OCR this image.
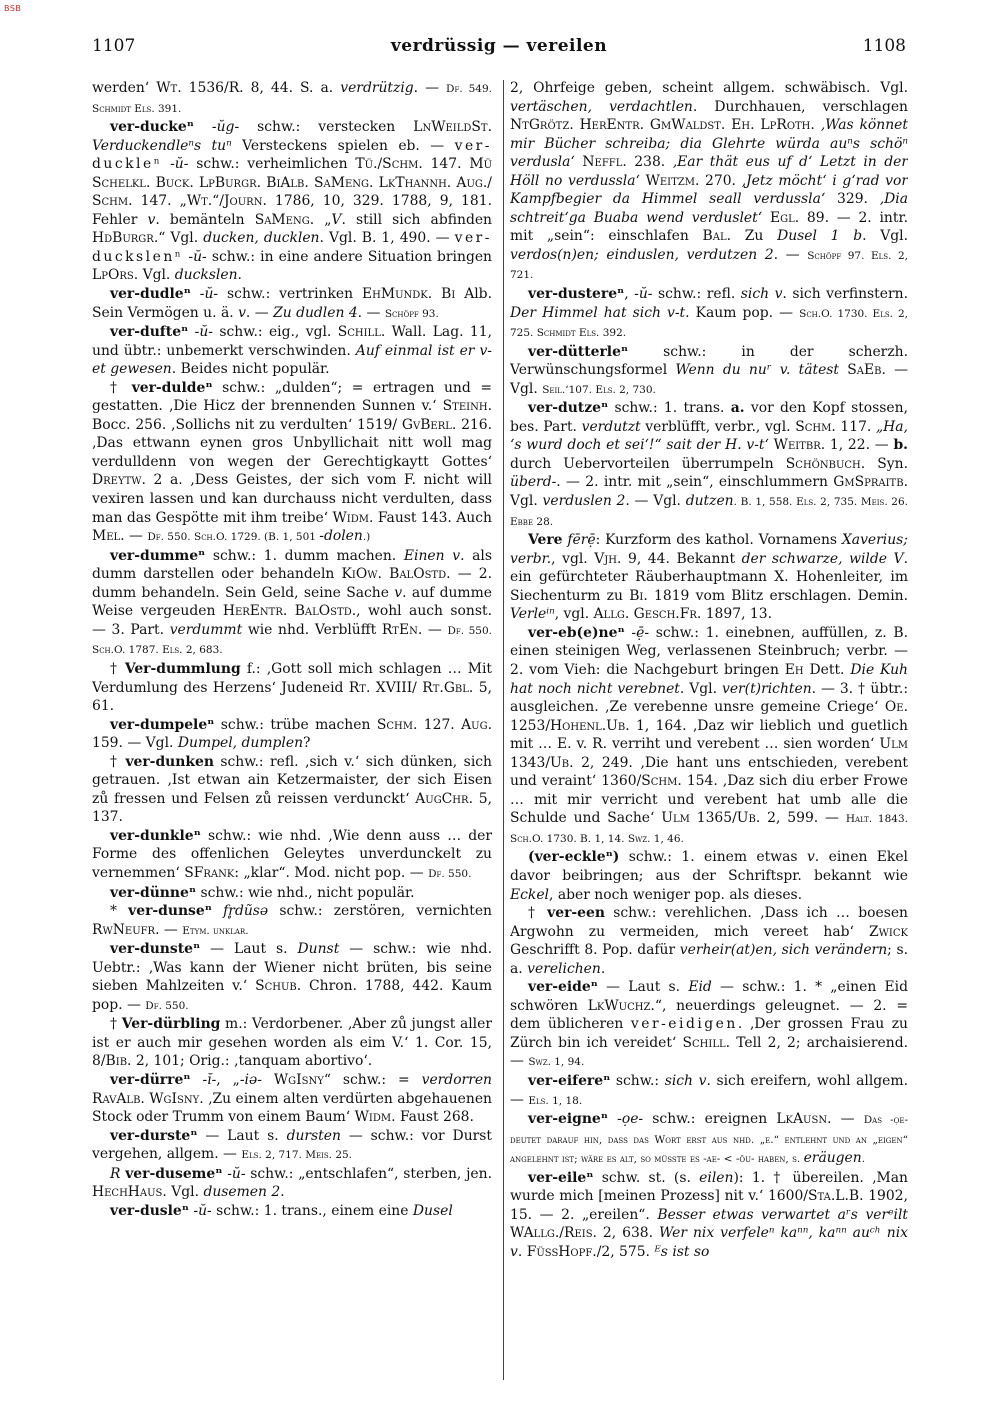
BSB
1107	verdrüssig — vereilen	1108

werden‘ Wt. 1536/R. 8, 44. S. a. verdrützig. — Df. 549. Schmidt Els. 391.

ver-duckeⁿ -ŭg- schw.: verstecken LnWeildSt. Verduckendleⁿs tuⁿ Versteckens spielen eb. — ver-duckleⁿ -ŭ- schw.: verheimlichen Tü./Schm. 147. Mü Schelkl. Buck. LpBurgr. BiAlb. SaMeng. LkThannh. Aug./ Schm. 147. „Wt.“/Journ. 1786, 10, 329. 1788, 9, 181. Fehler v. bemänteln SaMeng. „V. still sich abfinden HdBurgr.“ Vgl. ducken, ducklen. Vgl. B. 1, 490. — ver-duckslenⁿ -ŭ- schw.: in eine andere Situation bringen LpOrs. Vgl. duckslen.

ver-dudleⁿ -ŭ- schw.: vertrinken EhMundk. Bi Alb. Sein Vermögen u. ä. v. — Zu dudlen 4. — Schöpf 93.

ver-dufteⁿ -ŭ- schw.: eig., vgl. Schill. Wall. Lag. 11, und übtr.: unbemerkt verschwinden. Auf einmal ist er v-et gewesen. Beides nicht populär.

† ver-duldeⁿ schw.: „dulden“; = ertragen und = gestatten. ‚Die Hicz der brennenden Sunnen v.‘ Steinh. Bocc. 256. ‚Sollichs nit zu verdulten‘ 1519/ GvBerl. 216. ‚Das ettwann eynen gros Unbyllichait nitt woll mag verdulldenn von wegen der Gerechtigkaytt Gottes‘ Dreytw. 2 a. ‚Dess Geistes, der sich vom F. nicht will vexiren lassen und kan durchauss nicht verdulten, dass man das Gespötte mit ihm treibe‘ Widm. Faust 143. Auch Mel. — Df. 550. Sch.O. 1729. (B. 1, 501 -dolen.)

ver-dummeⁿ schw.: 1. dumm machen. Einen v. als dumm darstellen oder behandeln KiOw. BalOstd. — 2. dumm behandeln. Sein Geld, seine Sache v. auf dumme Weise vergeuden HerEntr. BalOstd., wohl auch sonst. — 3. Part. verdummt wie nhd. Verblüfft RtEn. — Df. 550. Sch.O. 1787. Els. 2, 683.

† Ver-dummlung f.: ‚Gott soll mich schlagen … Mit Verdumlung des Herzens‘ Judeneid Rt. XVIII/ Rt.Gbl. 5, 61.

ver-dumpeleⁿ schw.: trübe machen Schm. 127. Aug. 159. — Vgl. Dumpel, dumplen?

† ver-dunken schw.: refl. ‚sich v.‘ sich dünken, sich getrauen. ‚Ist etwan ain Ketzermaister, der sich Eisen zů fressen und Felsen zů reissen verdunckt‘ AugChr. 5, 137.

ver-dunkleⁿ schw.: wie nhd. ‚Wie denn auss … der Forme des offenlichen Geleytes unverdunckelt zu vernemmen‘ SFrank: „klar“. Mod. nicht pop. — Df. 550.

ver-dünneⁿ schw.: wie nhd., nicht populär.

* ver-dunseⁿ fr̥dũsə schw.: zerstören, vernichten RwNeufr. — Etym. unklar.

ver-dunsteⁿ — Laut s. Dunst — schw.: wie nhd. Uebtr.: ‚Was kann der Wiener nicht brüten, bis seine sieben Mahlzeiten v.‘ Schub. Chron. 1788, 442. Kaum pop. — Df. 550.

† Ver-dürbling m.: Verdorbener. ‚Aber zů jungst aller ist er auch mir gesehen worden als eim V.‘ 1. Cor. 15, 8/Bib. 2, 101; Orig.: ‚tanquam abortivo‘.

ver-dürreⁿ -ĭ-, „-iə- WgIsny“ schw.: = verdorren RavAlb. WgIsny. ‚Zu einem alten verdürten abgehauenen Stock oder Trumm von einem Baum‘ Widm. Faust 268.

ver-dursteⁿ — Laut s. dursten — schw.: vor Durst vergehen, allgem. — Els. 2, 717. Meis. 25.

R ver-dusemeⁿ -ŭ- schw.: „entschlafen“, sterben, jen. HechHaus. Vgl. dusemen 2.

ver-dusleⁿ -ŭ- schw.: 1. trans., einem eine Dusel

2, Ohrfeige geben, scheint allgem. schwäbisch. Vgl. vertäschen, verdachtlen. Durchhauen, verschlagen NtGrötz. HerEntr. GmWaldst. Eh. LpRoth. ‚Was könnet mir Bücher schreiba; dia Glehrte würda auⁿs schöⁿ verdusla‘ Neffl. 238. ‚Ear thät eus uf d‘ Letzt in der Höll no verdussla‘ Weitzm. 270. ‚Jetz möcht‘ i g‘rad vor Kampfbegier da Himmel seall verdussla‘ 329. ‚Dia schtreit‘ga Buaba wend verduslet‘ Egl. 89. — 2. intr. mit „sein“: einschlafen Bal. Zu Dusel 1 b. Vgl. verdos(n)en; einduslen, verdutzen 2. — Schöpf 97. Els. 2, 721.

ver-dustereⁿ, -ŭ- schw.: refl. sich v. sich verfinstern. Der Himmel hat sich v-t. Kaum pop. — Sch.O. 1730. Els. 2, 725. Schmidt Els. 392.

ver-dütterleⁿ schw.: in der scherzh. Verwünschungsformel Wenn du nuʳ v. tätest SaEb. — Vgl. Seil.‘107. Els. 2, 730.

ver-dutzeⁿ schw.: 1. trans. a. vor den Kopf stossen, bes. Part. verdutzt verblüfft, verbr., vgl. Schm. 117. „Ha, ‘s wurd doch et sei‘!“ sait der H. v-t‘ Weitbr. 1, 22. — b. durch Uebervorteilen überrumpeln Schönbuch. Syn. überd-. — 2. intr. mit „sein“, einschlummern GmSpraitb. Vgl. verduslen 2. — Vgl. dutzen. B. 1, 558. Els. 2, 735. Meis. 26. Ebbe 28.

Vere fērẹ̄: Kurzform des kathol. Vornamens Xaverius; verbr., vgl. Vjh. 9, 44. Bekannt der schwarze, wilde V. ein gefürchteter Räuberhauptmann X. Hohenleiter, im Siechenturm zu Bi. 1819 vom Blitz erschlagen. Demin. Verleⁱⁿ, vgl. Allg. Gesch.Fr. 1897, 13.

ver-eb(e)neⁿ -ẹ̄- schw.: 1. einebnen, auffüllen, z. B. einen steinigen Weg, verlassenen Steinbruch; verbr. — 2. vom Vieh: die Nachgeburt bringen Eh Dett. Die Kuh hat noch nicht verebnet. Vgl. ver(t)richten. — 3. † übtr.: ausgleichen. ‚Ze verebenne unsre gemeine Criege‘ Oe. 1253/Hohenl.Ub. 1, 164. ‚Daz wir lieblich und guetlich mit … E. v. R. verriht und verebent … sien worden‘ Ulm 1343/Ub. 2, 249. ‚Die hant uns entschieden, verebent und veraint‘ 1360/Schm. 154. ‚Daz sich diu erber Frowe … mit mir verricht und verebent hat umb alle die Schulde und Sache‘ Ulm 1365/Ub. 2, 599. — Halt. 1843. Sch.O. 1730. B. 1, 14. Swz. 1, 46.

(ver-eckleⁿ) schw.: 1. einem etwas v. einen Ekel davor beibringen; aus der Schriftspr. bekannt wie Eckel, aber noch weniger pop. als dieses.

† ver-een schw.: verehlichen. ‚Dass ich … boesen Argwohn zu vermeiden, mich vereet hab‘ Zwick Geschrifft 8. Pop. dafür verheir(at)en, sich verändern; s. a. verelichen.

ver-eideⁿ — Laut s. Eid — schw.: 1. * „einen Eid schwören LkWuchz.“, neuerdings geleugnet. — 2. = dem üblicheren ver-eidigen. ‚Der grossen Frau zu Zürch bin ich vereidet‘ Schill. Tell 2, 2; archaisierend. — Swz. 1, 94.

ver-eifereⁿ schw.: sich v. sich ereifern, wohl allgem. — Els. 1, 18.

ver-eigneⁿ -ọe- schw.: ereignen LkAusn. — Das -ọe- deutet darauf hin, dass das Wort erst aus nhd. „e.“ entlehnt und an „eigen“ angelehnt ist; wäre es alt, so müsste es -ae- < -ŏu- haben, s. eräugen.

ver-eileⁿ schw. st. (s. eilen): 1. † übereilen. ‚Man wurde mich [meinen Prozess] nit v.‘ 1600/Sta.L.B. 1902, 15. — 2. „ereilen“. Besser etwas verwartet aʳs verᵉilt WAllg./Reis. 2, 638. Wer nix verfeleⁿ kaⁿⁿ, kaⁿⁿ auᶜʰ nix v. FüssHopf./2, 575. ᴱs ist so
